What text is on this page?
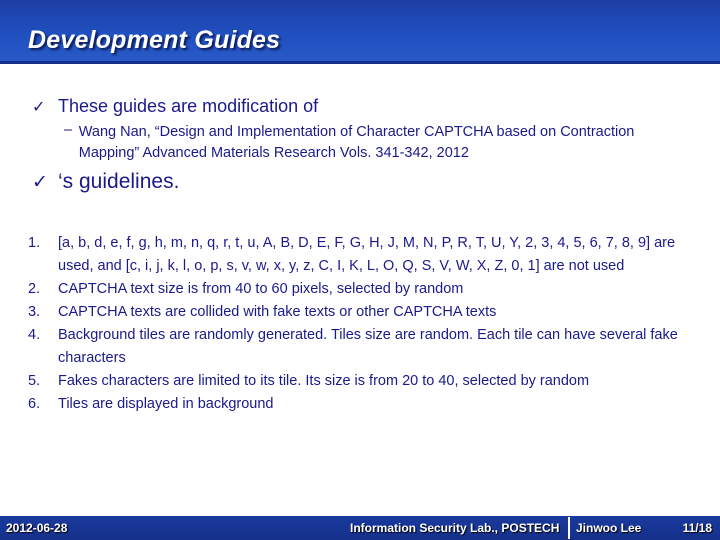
Development Guides
✓ These guides are modification of
– Wang Nan, “Design and Implementation of Character CAPTCHA based on Contraction Mapping” Advanced Materials Research Vols. 341-342, 2012
✓ ‘s guidelines.
1.	[a, b, d, e, f, g, h, m, n, q, r, t, u, A, B, D, E, F, G, H, J, M, N, P, R, T, U, Y, 2, 3, 4, 5, 6, 7, 8, 9] are used, and [c, i, j, k, l, o, p, s, v, w, x, y, z, C, I, K, L, O, Q, S, V, W, X, Z, 0, 1] are not used
2.	CAPTCHA text size is from 40 to 60 pixels, selected by random
3.	CAPTCHA texts are collided with fake texts or other CAPTCHA texts
4.	Background tiles are randomly generated. Tiles size are random. Each tile can have several fake characters
5.	Fakes characters are limited to its tile. Its size is from 20 to 40, selected by random
6.	Tiles are displayed in background
2012-06-28	Information Security Lab., POSTECH Jinwoo Lee	11/18
